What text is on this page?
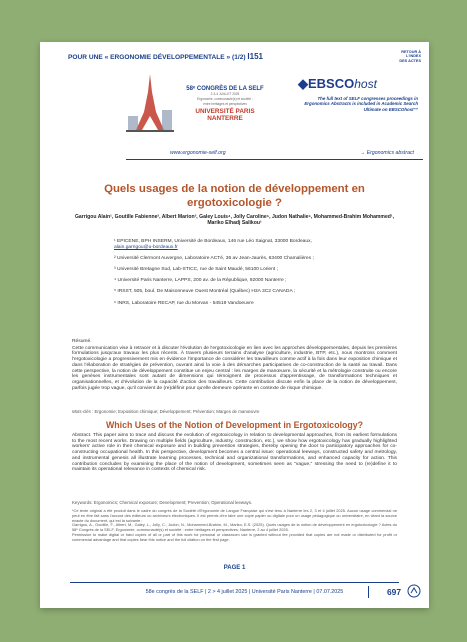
POUR UNE « ERGONOMIE DÉVELOPPEMENTALE » (1/2) I151	RETOUR À L'INDEX
DES ACTES
58ᵉ CONGRÈS DE LA SELF
2-3-4 JUILLET 2025
Ergonomie, communauté(s) et société :
entre héritages et perspectives
UNIVERSITÉ PARIS NANTERRE
◆EBSCOhost
The full text of SELF congresses proceedings in Ergonomics Abstracts is included in Academic Search Ultimate on EBSCOhost™
www.ergonomie-self.org	→ Ergonomics abstract
Quels usages de la notion de développement en ergotoxicologie ?
Garrigou Alain¹, Goutille Fabienne², Albert Marion³, Galey Louis⁴, Jolly Caroline⁵, Judon Nathalie⁶, Mohammed-Brahim Mohammed¹, Mariko Elhadj Salikou¹
¹ EPICENE, BPH INSERM, Université de Bordeaux, 146 rue Léo Saignat, 33000 Bordeaux,
alain.garrigou@u-bordeaux.fr
² Université Clermont Auvergne, Laboratoire ACTé, 36 av Jean-Jaurès, 63400 Chamalières ;
³ Université Bretagne Sud, Lab-STICC, rue de Saint Maudé, 56100 Lorient ;
⁴ Université Paris Nanterre, LAPPS, 200 av. de la République, 92000 Nanterre ;
⁵ IRSST, 505, boul. De Maisonneuve Ouest Montréal (Québec) H3A 3C2 CANADA ;
⁶ INRS, Laboratoire RECAP, rue du Morvan - 54519 Vandoeuvre
Résumé.
Cette communication vise à retracer et à discuter l'évolution de l'ergotoxicologie en lien avec les approches développementales, depuis les premières formulations jusqu'aux travaux les plus récents. À travers plusieurs terrains d'analyse (agriculture, industrie, BTP, etc.), nous montrons comment l'ergotoxicologie a progressivement mis en évidence l'importance de considérer les travailleurs comme actif à la fois dans leur exposition chimique et dans l'élaboration de stratégies de prévention, ouvrant ainsi la voie à des démarches participatives de co-construction de la santé au travail. Dans cette perspective, la notion de développement constitue un enjeu central : les marges de manœuvre, la sécurité et la métrologie construite ou encore les genèses instrumentales sont autant de dimensions qui témoignent de processus d'apprentissage, de transformations techniques et organisationnelles, et d'évolution de la capacité d'action des travailleurs. Cette contribution discute enfin la place de la notion de développement, parfois jugée trop vague, qu'il convient de (re)définir pour qu'elle demeure opérante en contexte de risque chimique.
Mots-clés : Ergonomie; Exposition chimique; Développement; Prévention; Marges de manœuvre
Which Uses of the Notion of Development in Ergotoxicology?
Abstract. This paper aims to trace and discuss the evolution of ergotoxicology in relation to developmental approaches, from its earliest formulations to the most recent works. Drawing on multiple fields (agriculture, industry, construction, etc.), we show how ergotoxicology has gradually highlighted workers' active role in their chemical exposure and in building prevention strategies, thereby opening the door to participatory approaches for co-constructing occupational health. In this perspective, development becomes a central issue: operational leeways, constructed safety and metrology, and instrumental genesis all illustrate learning processes, technical and organizational transformations, and enhanced capacity for action. This contribution concludes by examining the place of the notion of development, sometimes seen as "vague," stressing the need to (re)define it to maintain its operational relevance in contexts of chemical risk.
Keywords: Ergonomics; Chemical exposure; Development; Prevention; Operational leeways.
*Ce texte original a été produit dans le cadre du congrès de la Société d'Ergonomie de Langue Française qui s'est tenu à Nanterre les 2, 3 et 4 juillet 2025. Aucun usage commercial ne peut en être fait sans l'accord des éditeurs ou archiveurs électroniques. Il est permis d'en faire une copie papier ou digitale pour un usage pédagogique ou universitaire, en citant la source exacte du document, qui est la suivante :
Garrigou, A., Goutille, F., Albert, M., Galey, L., Jolly, C., Judon, N., Mohammed-Brahim, M., Mariko, E.S. (2025). Quels usages de la notion de développement en ergotoxicologie ? Actes du 58ᵉ Congrès de la SELF, Ergonomie, communauté(s) et société : entre héritages et perspectives, Nanterre, 2 au 4 juillet 2025.
Permission to make digital or hard copies of all or part of this work for personal or classroom use is granted without fee provided that copies are not made or distributed for profit or commercial advantage and that copies bear this notice and the full citation on the first page.
PAGE 1
58e congrès de la SELF | 2 > 4 juillet 2025 | Université Paris Nanterre | 07.07.2025	697
